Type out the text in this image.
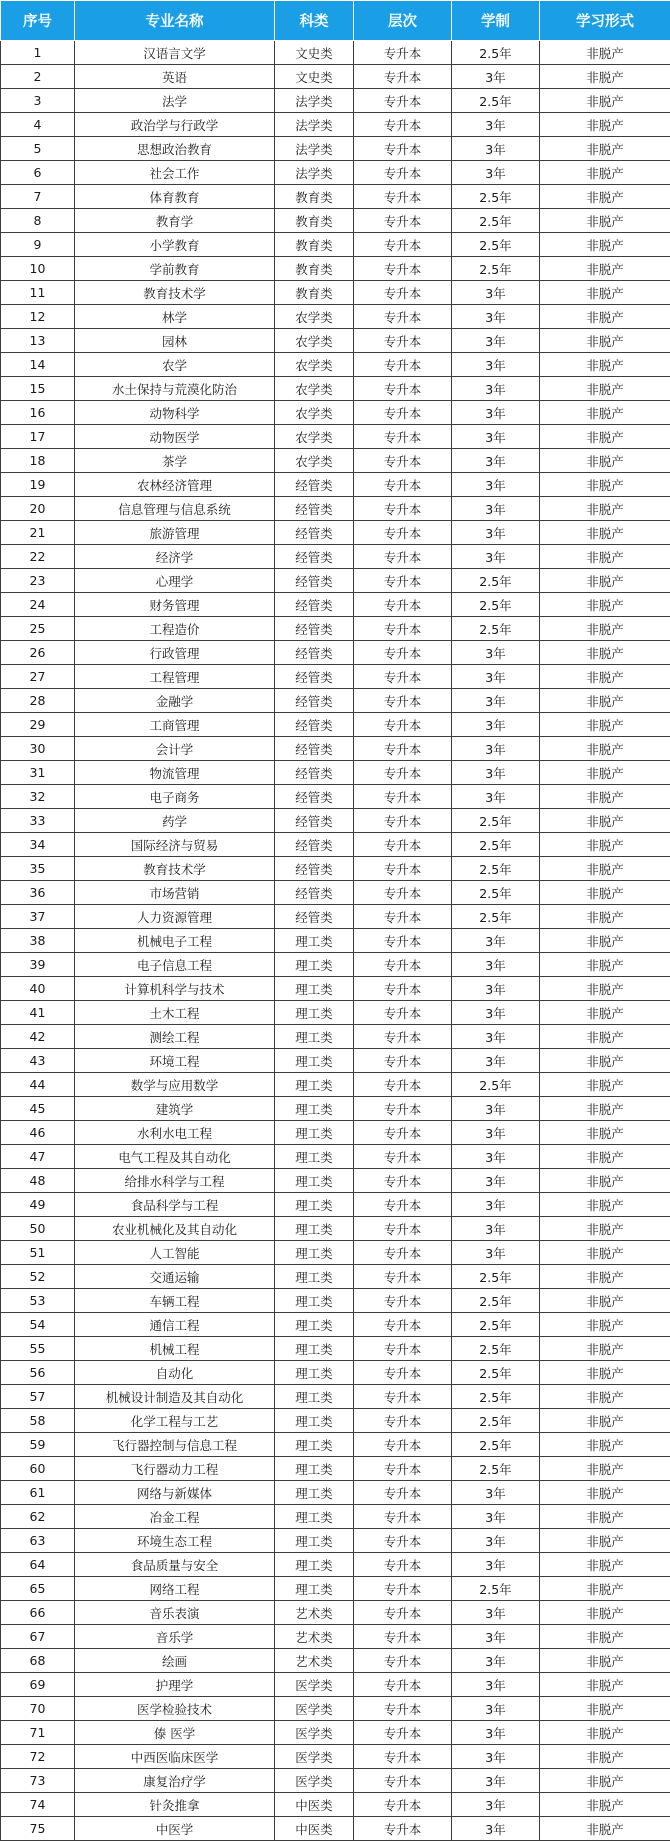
序号	专业名称	科类	层次	学制	学习形式
1	汉语言文学	文史类	专升本	2.5年	非脱产
2	英语	文史类	专升本	3年	非脱产
3	法学	法学类	专升本	2.5年	非脱产
4	政治学与行政学	法学类	专升本	3年	非脱产
5	思想政治教育	法学类	专升本	3年	非脱产
6	社会工作	法学类	专升本	3年	非脱产
7	体育教育	教育类	专升本	2.5年	非脱产
8	教育学	教育类	专升本	2.5年	非脱产
9	小学教育	教育类	专升本	2.5年	非脱产
10	学前教育	教育类	专升本	2.5年	非脱产
11	教育技术学	教育类	专升本	3年	非脱产
12	林学	农学类	专升本	3年	非脱产
13	园林	农学类	专升本	3年	非脱产
14	农学	农学类	专升本	3年	非脱产
15	水土保持与荒漠化防治	农学类	专升本	3年	非脱产
16	动物科学	农学类	专升本	3年	非脱产
17	动物医学	农学类	专升本	3年	非脱产
18	茶学	农学类	专升本	3年	非脱产
19	农林经济管理	经管类	专升本	3年	非脱产
20	信息管理与信息系统	经管类	专升本	3年	非脱产
21	旅游管理	经管类	专升本	3年	非脱产
22	经济学	经管类	专升本	3年	非脱产
23	心理学	经管类	专升本	2.5年	非脱产
24	财务管理	经管类	专升本	2.5年	非脱产
25	工程造价	经管类	专升本	2.5年	非脱产
26	行政管理	经管类	专升本	3年	非脱产
27	工程管理	经管类	专升本	3年	非脱产
28	金融学	经管类	专升本	3年	非脱产
29	工商管理	经管类	专升本	3年	非脱产
30	会计学	经管类	专升本	3年	非脱产
31	物流管理	经管类	专升本	3年	非脱产
32	电子商务	经管类	专升本	3年	非脱产
33	药学	经管类	专升本	2.5年	非脱产
34	国际经济与贸易	经管类	专升本	2.5年	非脱产
35	教育技术学	经管类	专升本	2.5年	非脱产
36	市场营销	经管类	专升本	2.5年	非脱产
37	人力资源管理	经管类	专升本	2.5年	非脱产
38	机械电子工程	理工类	专升本	3年	非脱产
39	电子信息工程	理工类	专升本	3年	非脱产
40	计算机科学与技术	理工类	专升本	3年	非脱产
41	土木工程	理工类	专升本	3年	非脱产
42	测绘工程	理工类	专升本	3年	非脱产
43	环境工程	理工类	专升本	3年	非脱产
44	数学与应用数学	理工类	专升本	2.5年	非脱产
45	建筑学	理工类	专升本	3年	非脱产
46	水利水电工程	理工类	专升本	3年	非脱产
47	电气工程及其自动化	理工类	专升本	3年	非脱产
48	给排水科学与工程	理工类	专升本	3年	非脱产
49	食品科学与工程	理工类	专升本	3年	非脱产
50	农业机械化及其自动化	理工类	专升本	3年	非脱产
51	人工智能	理工类	专升本	3年	非脱产
52	交通运输	理工类	专升本	2.5年	非脱产
53	车辆工程	理工类	专升本	2.5年	非脱产
54	通信工程	理工类	专升本	2.5年	非脱产
55	机械工程	理工类	专升本	2.5年	非脱产
56	自动化	理工类	专升本	2.5年	非脱产
57	机械设计制造及其自动化	理工类	专升本	2.5年	非脱产
58	化学工程与工艺	理工类	专升本	2.5年	非脱产
59	飞行器控制与信息工程	理工类	专升本	2.5年	非脱产
60	飞行器动力工程	理工类	专升本	2.5年	非脱产
61	网络与新媒体	理工类	专升本	3年	非脱产
62	冶金工程	理工类	专升本	3年	非脱产
63	环境生态工程	理工类	专升本	3年	非脱产
64	食品质量与安全	理工类	专升本	3年	非脱产
65	网络工程	理工类	专升本	2.5年	非脱产
66	音乐表演	艺术类	专升本	3年	非脱产
67	音乐学	艺术类	专升本	3年	非脱产
68	绘画	艺术类	专升本	3年	非脱产
69	护理学	医学类	专升本	3年	非脱产
70	医学检验技术	医学类	专升本	3年	非脱产
71	傣 医学	医学类	专升本	3年	非脱产
72	中西医临床医学	医学类	专升本	3年	非脱产
73	康复治疗学	医学类	专升本	3年	非脱产
74	针灸推拿	中医类	专升本	3年	非脱产
75	中医学	中医类	专升本	3年	非脱产
